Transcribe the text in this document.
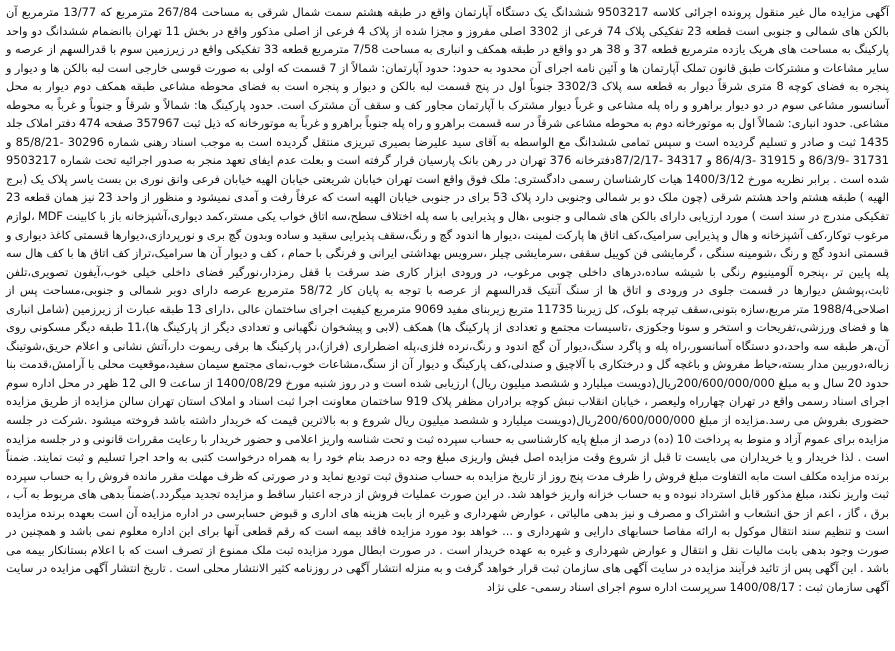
آگهی مزایده مال غیر منقول پرونده اجرائی کلاسه 9503217 ششدانگ یک دستگاه آپارتمان واقع در طبقه هشتم سمت شمال شرقی به مساحت 267/84 مترمربع که 13/77 مترمربع آن بالکن های شمالی و جنوبی است قطعه 23 تفکیکی پلاک 74 فرعی از 3302 اصلی مفروز و مجزا شده از پلاک 4 فرعی از اصلی مذکور واقع در بخش 11 تهران باانضمام ششدانگ دو واحد پارکینگ به مساحت های هریک یازده مترمربع قطعه 37 و 38 هر دو واقع در طبقه همکف و انباری به مساحت 7/58 مترمربع قطعه 33 تفکیکی واقع در زیرزمین سوم با قدرالسهم از عرصه و سایر مشاعات و مشترکات طبق قانون تملک آپارتمان ها و آئین نامه اجرای آن محدود به حدود: حدود آپارتمان: شمالاً از 7 قسمت که اولی به صورت قوسی خارجی است لبه بالکن ها و دیوار و پنجره به فضای کوچه 8 متری شرقاً دیوار به قطعه سه پلاک 3302/3 جنوباً اول در پنج قسمت لبه بالکن و دیوار و پنجره است به فضای محوطه مشاعی طبقه همکف دوم دیوار به محل آسانسور مشاعی سوم در دو دیوار براهرو و راه پله مشاعی و غرباً دیوار مشترک با آپارتمان مجاور کف و سقف آن مشترک است. حدود پارکینگ ها: شمالاً و شرقاً و جنوباً و غرباً به محوطه مشاعی. حدود انباری: شمالاً اول به موتورخانه دوم به محوطه مشاعی شرقاً در سه قسمت براهرو و راه پله جنوباً براهرو و غرباً به موتورخانه که ذیل ثبت 357967 صفحه 474 دفتر املاک جلد 1435 ثبت و صادر و تسلیم گردیده است و سپس تمامی ششدانگ مع الواسطه به آقای سید علیرضا بصیری تبریزی منتقل گردیده است به موجب اسناد رهنی شماره 30296 -85/8/21 و 31731 -86/3/9 و 31915 -86/4/3 و 34317 -87/2/17دفترخانه 376 تهران در رهن بانک پارسیان قرار گرفته است و بعلت عدم ایفای تعهد منجر به صدور اجرائیه تحت شماره 9503217 شده است . برابر نظریه مورخ 1400/3/12 هیات کارشناسان رسمی دادگستری: ملک فوق واقع است تهران خیابان شریعتی خیابان الهیه خیابان فرعی وانق نوری بن بست یاسر پلاک یک (برج الهیه ) طبقه هشتم واحد هشتم شرقی (چون ملک دو بر شمالی وجنوبی دارد پلاک 53 برای در جنوبی خیابان الهیه است که عرفاً رفت و آمدی نمیشود و منظور از واحد 23 نیز همان قطعه 23 تفکیکی مندرج در سند است ) مورد ارزیابی دارای بالکن های شمالی و جنوبی ،هال و پذیرایی با سه پله اختلاف سطح،سه اتاق خواب یکی مستر،کمد دیواری،آشپزخانه باز با کابینت MDF ،لوازم مرغوب توکار،کف آشپزخانه و هال و پذیرایی سرامیک،کف اتاق ها پارکت لمینت ،دیوار ها اندود گچ و رنگ،سقف پذیرایی سقید و ساده وبدون گچ بری و نورپردازی،دیوارها قسمتی کاغذ دیواری و قسمتی اندود گچ و رنگ ،شومینه سنگی ، گرمایشی فن کوییل سقفی ،سرمایشی چیلر ،سرویس بهداشتی ایرانی و فرنگی با حمام ، کف و دیوار آن ها سرامیک،تراز کف اتاق ها با کف هال سه پله پایین تر ،پنجره آلومینیوم رنگی با شیشه ساده،درهای داخلی چوبی مرغوب، در ورودی ابزار کاری ضد سرقت با قفل رمزدار،نورگیر فضای داخلی خیلی خوب،آیفون تصویری،تلفن ثابت،پوشش دیوارها در قسمت جلوی در ورودی و اتاق ها از سنگ آنتیک قدرالسهم از عرصه با توجه به پایان کار 58/72 مترمربع عرصه دارای دوبر شمالی و جنوبی،مساحت پس از اصلاحی1988/4 متر مربع،سازه بتونی،سقف تیرچه بلوک، کل زیربنا 11735 متربع زیربنای مفید 9069 مترمربع کیفیت اجرای ساختمان عالی ،دارای 13 طبقه عبارت از زیرزمین (شامل انباری ها و فضای ورزشی،تفریحات و استخر و سونا وجکوزی ،تاسیسات مجتمع و تعدادی از پارکینگ ها) همکف (لابی و پیشخوان نگهبانی و تعدادی دیگر از پارکینگ ها)،11 طبقه دیگر مسکونی روی آن،هر طبقه سه واحد،دو دستگاه آسانسور،راه پله و پاگرد سنگ،دیوار آن گچ اندود و رنگ،نرده فلزی،پله اضطراری (فراز)،در پارکینگ ها برقی ریموت دار،آتش نشانی و اعلام حریق،شوتینگ زباله،دوربین مدار بسته،حیاط مفروش و باغچه گل و درختکاری با آلاچیق و صندلی،کف پارکینگ و دیوار آن از سنگ،مشاعات خوب،نمای مجتمع سیمان سفید،موقعیت محلی با آرامش،قدمت بنا حدود 20 سال و به مبلغ 200/600/000/000ریال(دویست میلیارد و ششصد میلیون ریال) ارزیابی شده است و در روز شنبه مورخ 1400/08/29 از ساعت 9 الی 12 ظهر در محل اداره سوم اجرای اسناد رسمی واقع در تهران چهارراه ولیعصر ، خیابان انقلاب نبش کوچه برادران مظفر پلاک 919 ساختمان معاونت اجرا ثبت اسناد و املاک استان تهران سالن مزایده از طریق مزایده حضوری بفروش می رسد.مزایده از مبلغ 200/600/000/000ریال(دویست میلیارد و ششصد میلیون ریال شروع و به بالاترین قیمت که خریدار داشته باشد فروخته میشود .شرکت در جلسه مزایده برای عموم آزاد و منوط به پرداخت 10 (ده) درصد از مبلغ پایه کارشناسی به حساب سپرده ثبت و تحت شناسه واریز اعلامی و حضور خریدار با رعایت مقررات قانونی و در جلسه مزایده است . لذا خریدار و یا خریداران می بایست تا قبل از شروع وقت مزایده اصل فیش واریزی مبلغ وجه ده درصد بنام خود را به همراه درخواست کتبی به واحد اجرا تسلیم و ثبت نمایند. ضمناً برنده مزایده مکلف است مابه التفاوت مبلغ فروش را ظرف مدت پنج روز از تاریخ مزایده به حساب صندوق ثبت تودیع نماید و در صورتی که ظرف مهلت مقرر مانده فروش را به حساب سپرده ثبت واریز نکند، مبلغ مذکور قابل استرداد نبوده و به حساب خزانه واریز خواهد شد. در این صورت عملیات فروش از درجه اعتبار ساقط و مزایده تجدید میگردد.)ضمناً بدهی های مربوط به آب ، برق ، گاز ، اعم از حق انشعاب و اشتراک و مصرف و نیز بدهی مالیاتی ، عوارض شهرداری و غیره از بابت هزینه های اداری و قبوض حسابرسی در اداره مزایده آن است بعهده برنده مزایده است و تنظیم سند انتقال موکول به ارائه مفاصا حسابهای دارایی و شهرداری و ... خواهد بود مورد مزایده فاقد بیمه است که رقم قطعی آنها برای این اداره معلوم نمی باشد و همچنین در صورت وجود بدهی بابت مالیات نقل و انتقال و عوارض شهرداری و غیره به عهده خریدار است . در صورت ابطال مورد مزایده ثبت ملک ممنوع از تصرف است که با اعلام بستانکار بیمه می باشد . این آگهی پس از تائید فرآیند مزایده در سایت آگهی های سازمان ثبت قرار خواهد گرفت و به منزله انتشار آگهی در روزنامه کثیر الانتشار محلی است . تاریخ انتشار آگهی مزایده در سایت آگهی سازمان ثبت : 1400/08/17 سرپرست اداره سوم اجرای اسناد رسمی- علی نژاد
